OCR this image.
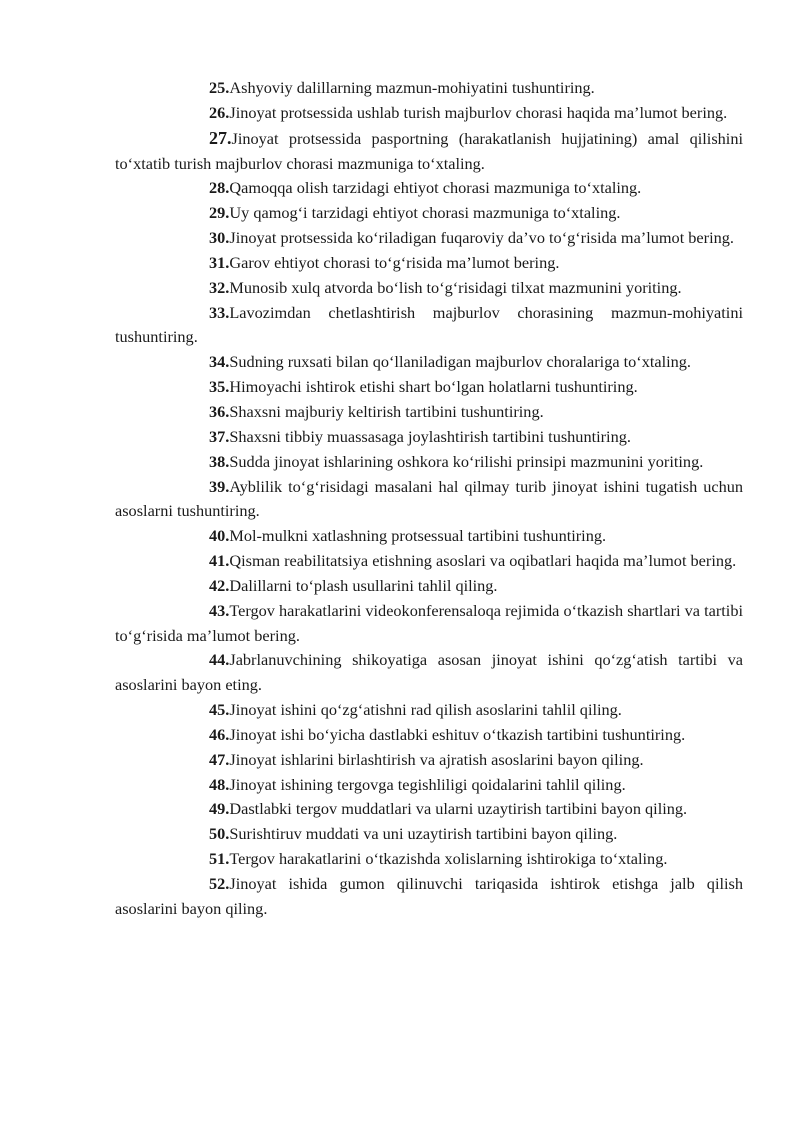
25.Ashyoviy dalillarning mazmun-mohiyatini tushuntiring.

26.Jinoyat protsessida ushlab turish majburlov chorasi haqida ma’lumot bering.

27.Jinoyat protsessida pasportning (harakatlanish hujjatining) amal qilishini to‘xtatib turish majburlov chorasi mazmuniga to‘xtaling.

28.Qamoqqa olish tarzidagi ehtiyot chorasi mazmuniga to‘xtaling.

29.Uy qamog‘i tarzidagi ehtiyot chorasi mazmuniga to‘xtaling.

30.Jinoyat protsessida ko‘riladigan fuqaroviy da’vo to‘g‘risida ma’lumot bering.

31.Garov ehtiyot chorasi to‘g‘risida ma’lumot bering.

32.Munosib xulq atvorda bo‘lish to‘g‘risidagi tilxat mazmunini yoriting.

33.Lavozimdan chetlashtirish majburlov chorasining mazmun-mohiyatini tushuntiring.

34.Sudning ruxsati bilan qo‘llaniladigan majburlov choralariga to‘xtaling.

35.Himoyachi ishtirok etishi shart bo‘lgan holatlarni tushuntiring.

36.Shaxsni majburiy keltirish tartibini tushuntiring.

37.Shaxsni tibbiy muassasaga joylashtirish tartibini tushuntiring.

38.Sudda jinoyat ishlarining oshkora ko‘rilishi prinsipi mazmunini yoriting.

39.Ayblilik to‘g‘risidagi masalani hal qilmay turib jinoyat ishini tugatish uchun asoslarni tushuntiring.

40.Mol-mulkni xatlashning protsessual tartibini tushuntiring.

41.Qisman reabilitatsiya etishning asoslari va oqibatlari haqida ma’lumot bering.

42.Dalillarni to‘plash usullarini tahlil qiling.

43.Tergov harakatlarini videokonferensaloqa rejimida o‘tkazish shartlari va tartibi to‘g‘risida ma’lumot bering.

44.Jabrlanuvchining shikoyatiga asosan jinoyat ishini qo‘zg‘atish tartibi va asoslarini bayon eting.

45.Jinoyat ishini qo‘zg‘atishni rad qilish asoslarini tahlil qiling.

46.Jinoyat ishi bo‘yicha dastlabki eshituv o‘tkazish tartibini tushuntiring.

47.Jinoyat ishlarini birlashtirish va ajratish asoslarini bayon qiling.

48.Jinoyat ishining tergovga tegishliligi qoidalarini tahlil qiling.

49.Dastlabki tergov muddatlari va ularni uzaytirish tartibini bayon qiling.

50.Surishtiruv muddati va uni uzaytirish tartibini bayon qiling.

51.Tergov harakatlarini o‘tkazishda xolislarning ishtirokiga to‘xtaling.

52.Jinoyat ishida gumon qilinuvchi tariqasida ishtirok etishga jalb qilish asoslarini bayon qiling.
